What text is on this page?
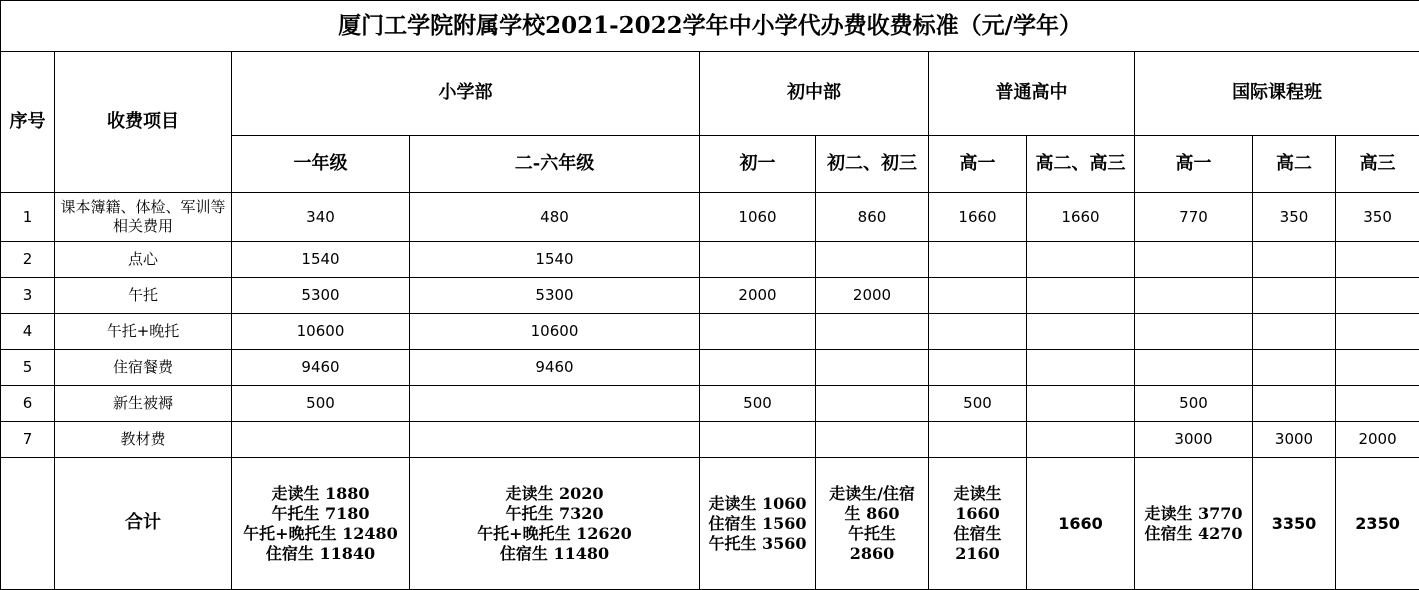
厦门工学院附属学校2021-2022学年中小学代办费收费标准（元/学年）										
序号	收费项目	小学部		初中部		普通高中		国际课程班		
		一年级	二-六年级	初一	初二、初三	高一	高二、高三	高一	高二	高三
1	课本簿籍、体检、军训等相关费用	340	480	1060	860	1660	1660	770	350	350
2	点心	1540	1540							
3	午托	5300	5300	2000	2000					
4	午托+晚托	10600	10600							
5	住宿餐费	9460	9460							
6	新生被褥	500		500		500		500		
7	教材费							3000	3000	2000
	合计	走读生 1880
午托生 7180
午托+晚托生 12480
住宿生 11840	走读生 2020
午托生 7320
午托+晚托生 12620
住宿生 11480	走读生 1060
住宿生 1560
午托生 3560	走读生/住宿
生 860
午托生
2860	走读生
1660
住宿生
2160	1660	走读生 3770
住宿生 4270	3350	2350
